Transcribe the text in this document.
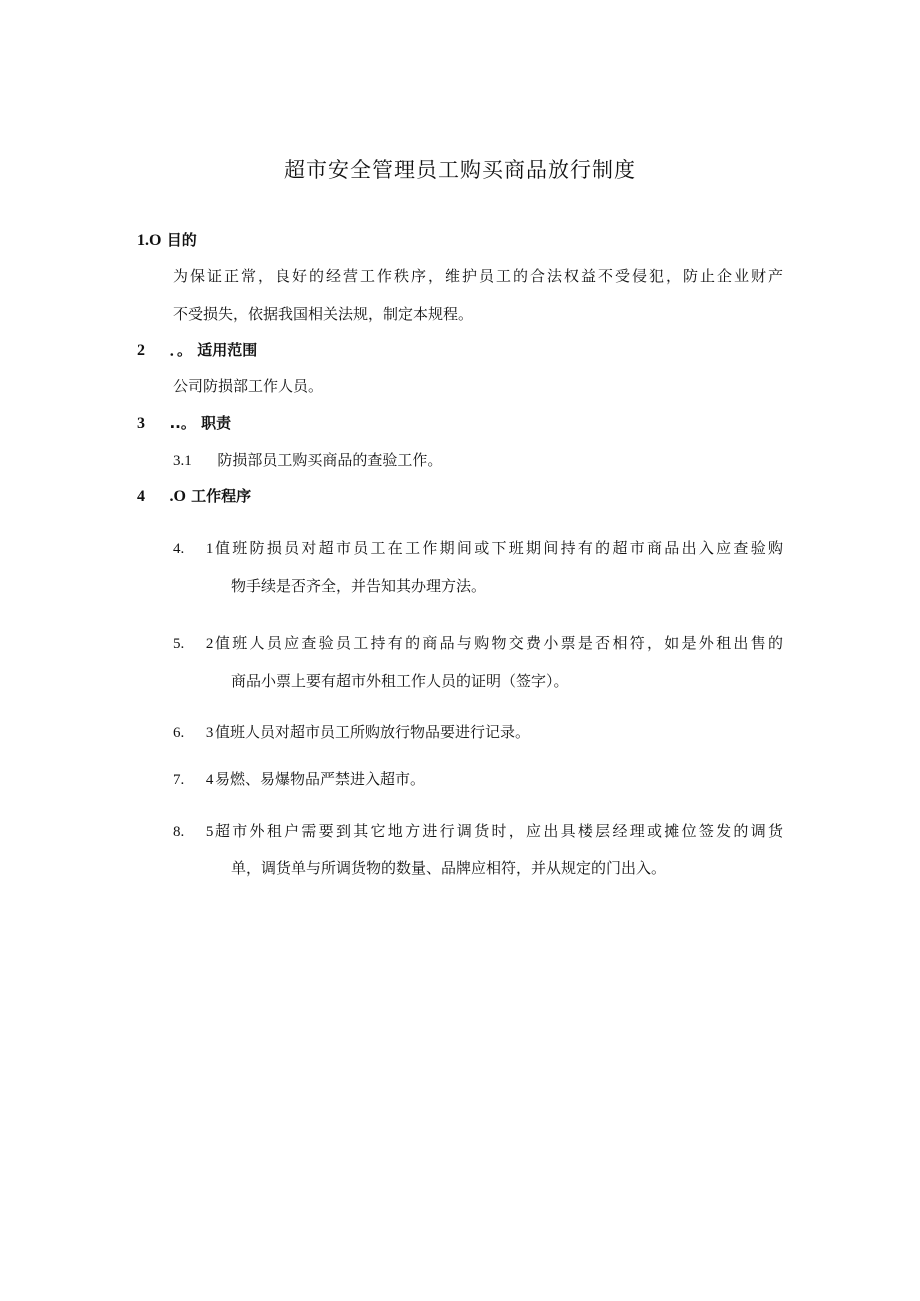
超市安全管理员工购买商品放行制度
1.O 目的
为保证正常，良好的经营工作秩序，维护员工的合法权益不受侵犯，防止企业财产
不受损失，依据我国相关法规，制定本规程。
2 ．。 适用范围
公司防损部工作人员。
3 ..。 职责
3.1 防损部员工购买商品的查验工作。
4 .O 工作程序
4. 1 值班防损员对超市员工在工作期间或下班期间持有的超市商品出入应查验购
物手续是否齐全，并告知其办理方法。
5. 2 值班人员应查验员工持有的商品与购物交费小票是否相符，如是外租出售的
商品小票上要有超市外租工作人员的证明（签字）。
6. 3 值班人员对超市员工所购放行物品要进行记录。
7. 4 易燃、易爆物品严禁进入超市。
8. 5 超市外租户需要到其它地方进行调货时，应出具楼层经理或摊位签发的调货
单，调货单与所调货物的数量、品牌应相符，并从规定的门出入。
